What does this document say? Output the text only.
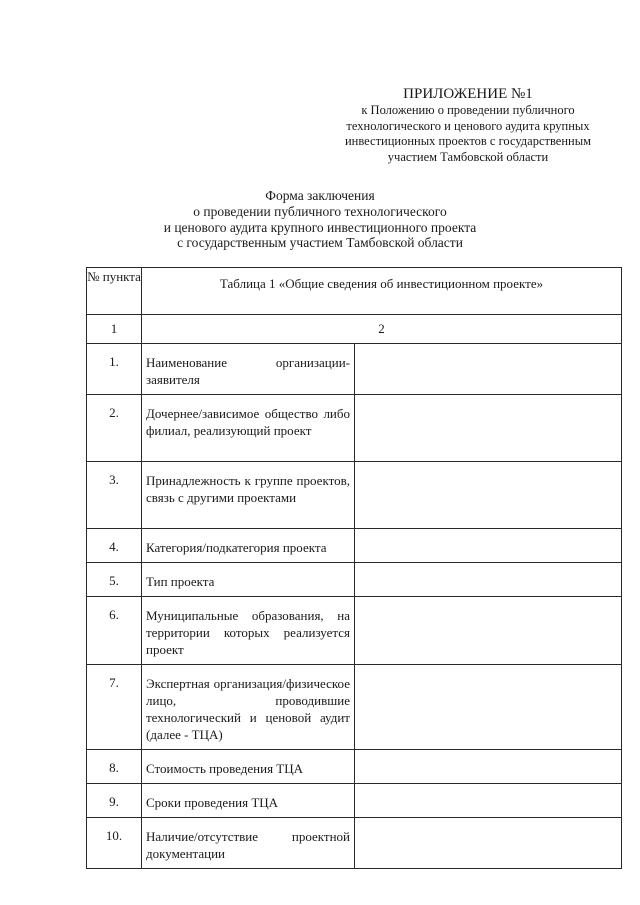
ПРИЛОЖЕНИЕ №1
к Положению о проведении публичного
технологического и ценового аудита крупных
инвестиционных проектов с государственным
участием Тамбовской области
Форма заключения
о проведении публичного технологического
и ценового аудита крупного инвестиционного проекта
с государственным участием Тамбовской области
№ пункта	Таблица 1 «Общие сведения об инвестиционном проекте»	
1	2	
1.	Наименование организации-заявителя	
2.	Дочернее/зависимое общество либо филиал, реализующий проект	
3.	Принадлежность к группе проектов, связь с другими проектами	
4.	Категория/подкатегория проекта	
5.	Тип проекта	
6.	Муниципальные образования, на территории которых реализуется проект	
7.	Экспертная организация/физическое лицо, проводившие технологический и ценовой аудит (далее - ТЦА)	
8.	Стоимость проведения ТЦА	
9.	Сроки проведения ТЦА	
10.	Наличие/отсутствие проектной документации	
